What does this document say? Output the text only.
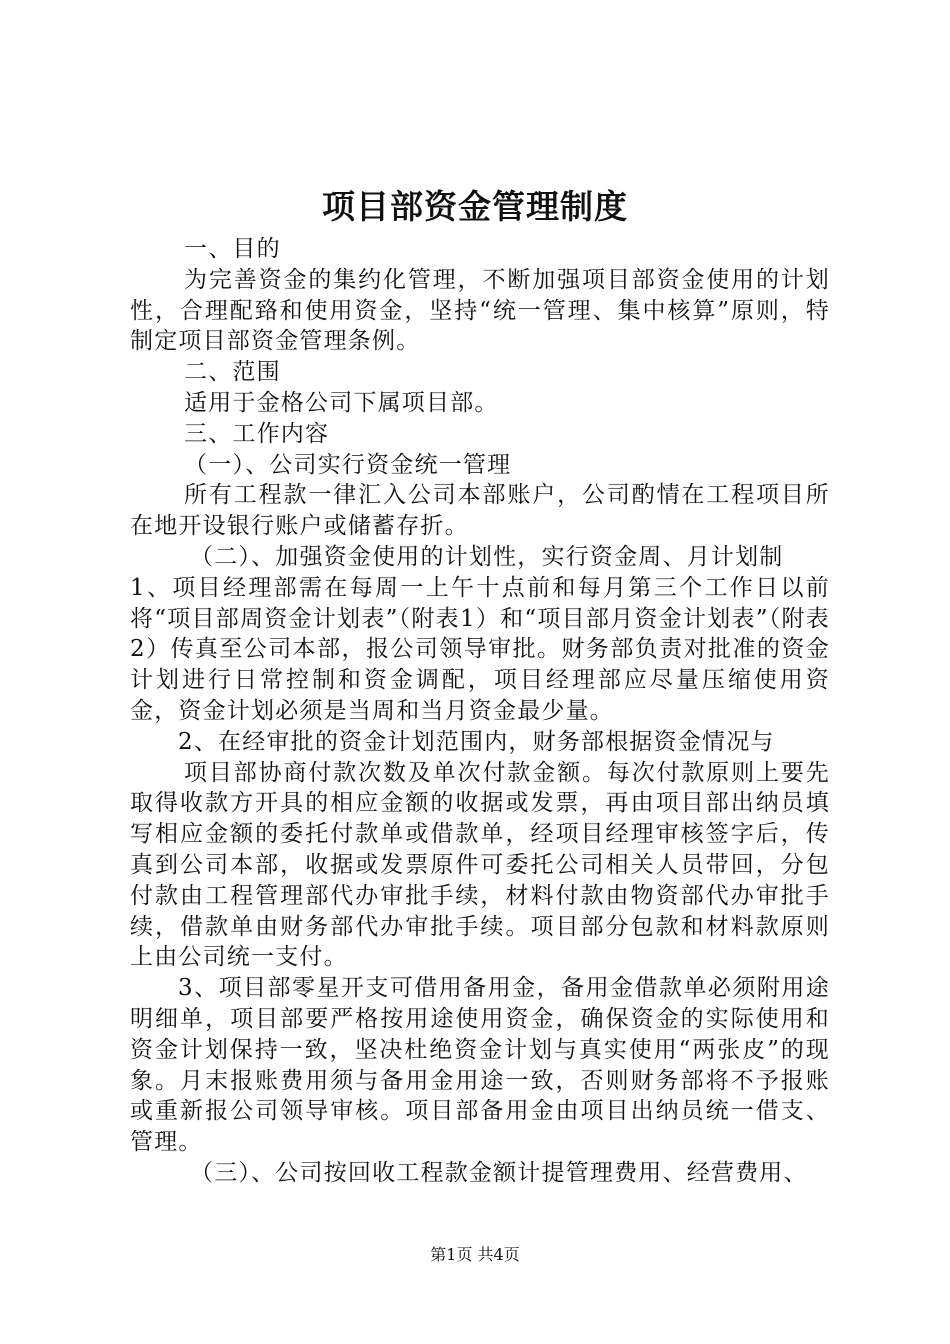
项目部资金管理制度

一、目的

为完善资金的集约化管理，不断加强项目部资金使用的计划性，合理配臵和使用资金，坚持“统一管理、集中核算”原则，特制定项目部资金管理条例。

二、范围

适用于金格公司下属项目部。

三、工作内容

（一）、公司实行资金统一管理

所有工程款一律汇入公司本部账户，公司酌情在工程项目所在地开设银行账户或储蓄存折。

（二）、加强资金使用的计划性，实行资金周、月计划制

1、项目经理部需在每周一上午十点前和每月第三个工作日以前将“项目部周资金计划表”（附表1）和“项目部月资金计划表”（附表2）传真至公司本部，报公司领导审批。财务部负责对批准的资金计划进行日常控制和资金调配，项目经理部应尽量压缩使用资金，资金计划必须是当周和当月资金最少量。

2、在经审批的资金计划范围内，财务部根据资金情况与

项目部协商付款次数及单次付款金额。每次付款原则上要先取得收款方开具的相应金额的收据或发票，再由项目部出纳员填写相应金额的委托付款单或借款单，经项目经理审核签字后，传真到公司本部，收据或发票原件可委托公司相关人员带回，分包付款由工程管理部代办审批手续，材料付款由物资部代办审批手续，借款单由财务部代办审批手续。项目部分包款和材料款原则上由公司统一支付。

3、项目部零星开支可借用备用金，备用金借款单必须附用途明细单，项目部要严格按用途使用资金，确保资金的实际使用和资金计划保持一致，坚决杜绝资金计划与真实使用“两张皮”的现象。月末报账费用须与备用金用途一致，否则财务部将不予报账或重新报公司领导审核。项目部备用金由项目出纳员统一借支、管理。

（三）、公司按回收工程款金额计提管理费用、经营费用、

第1页 共4页
